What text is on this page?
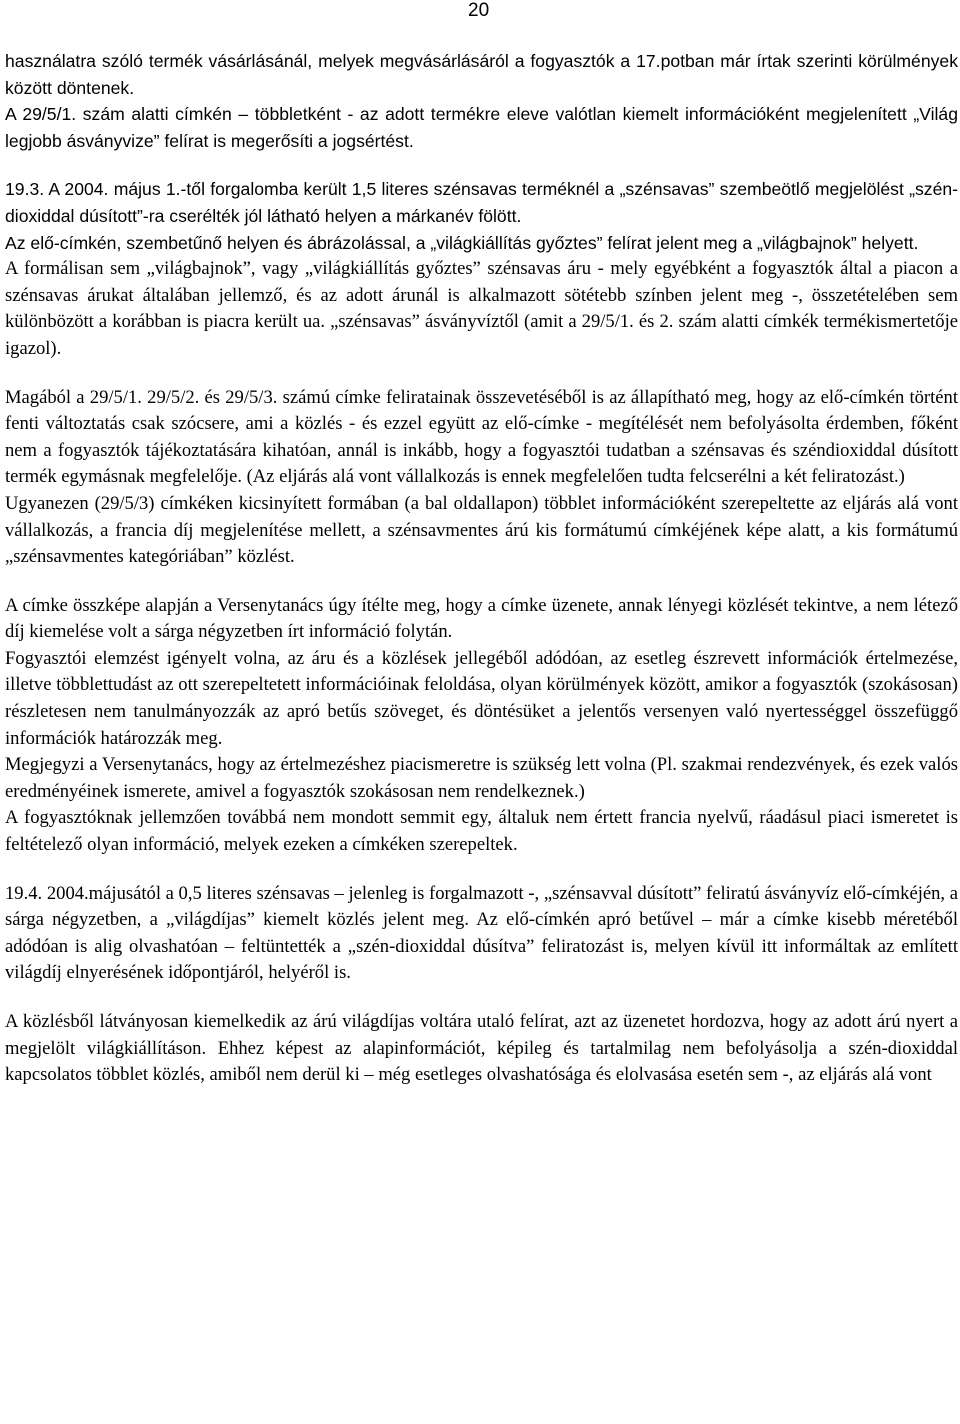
20

használatra szóló termék vásárlásánál, melyek megvásárlásáról a fogyasztók a 17.potban már írtak szerinti körülmények között döntenek.

A 29/5/1. szám alatti címkén – többletként - az adott termékre eleve valótlan kiemelt információként megjelenített „Világ legjobb ásványvize” felírat is megerősíti a jogsértést.

19.3. A 2004. május 1.-től forgalomba került 1,5 literes szénsavas terméknél a „szénsavas” szembeötlő megjelölést „szén-dioxiddal dúsított”-ra cserélték jól látható helyen a márkanév fölött.

Az elő-címkén, szembetűnő helyen és ábrázolással, a „világkiállítás győztes” felírat jelent meg a „világbajnok” helyett.

A formálisan sem „világbajnok”, vagy „világkiállítás győztes” szénsavas áru - mely egyébként a fogyasztók által a piacon a szénsavas árukat általában jellemző, és az adott árunál is alkalmazott sötétebb színben jelent meg -, összetételében sem különbözött a korábban is piacra került ua. „szénsavas” ásványvíztől (amit a 29/5/1. és 2. szám alatti címkék termékismertetője igazol).

Magából a 29/5/1. 29/5/2. és 29/5/3. számú címke feliratainak összevetéséből is az állapítható meg, hogy az elő-címkén történt fenti változtatás csak szócsere, ami a közlés - és ezzel együtt az elő-címke - megítélését nem befolyásolta érdemben, főként nem a fogyasztók tájékoztatására kihatóan, annál is inkább, hogy a fogyasztói tudatban a szénsavas és széndioxiddal dúsított termék egymásnak megfelelője. (Az eljárás alá vont vállalkozás is ennek megfelelően tudta felcserélni a két feliratozást.)

Ugyanezen (29/5/3) címkéken kicsinyített formában (a bal oldallapon) többlet információként szerepeltette az eljárás alá vont vállalkozás, a francia díj megjelenítése mellett, a szénsavmentes árú kis formátumú címkéjének képe alatt, a kis formátumú „szénsavmentes kategóriában” közlést.

A címke összképe alapján a Versenytanács úgy ítélte meg, hogy a címke üzenete, annak lényegi közlését tekintve, a nem létező díj kiemelése volt a sárga négyzetben írt információ folytán.

Fogyasztói elemzést igényelt volna, az áru és a közlések jellegéből adódóan, az esetleg észrevett információk értelmezése, illetve többlettudást az ott szerepeltetett információinak feloldása, olyan körülmények között, amikor a fogyasztók (szokásosan) részletesen nem tanulmányozzák az apró betűs szöveget, és döntésüket a jelentős versenyen való nyertességgel összefüggő információk határozzák meg.

Megjegyzi a Versenytanács, hogy az értelmezéshez piacismeretre is szükség lett volna (Pl. szakmai rendezvények, és ezek valós eredményéinek ismerete, amivel a fogyasztók szokásosan nem rendelkeznek.)

A fogyasztóknak jellemzően továbbá nem mondott semmit egy, általuk nem értett francia nyelvű, ráadásul piaci ismeretet is feltételező olyan információ, melyek ezeken a címkéken szerepeltek.

19.4. 2004.májusától a 0,5 literes szénsavas – jelenleg is forgalmazott -, „szénsavval dúsított” feliratú ásványvíz elő-címkéjén, a sárga négyzetben, a „világdíjas” kiemelt közlés jelent meg. Az elő-címkén apró betűvel – már a címke kisebb méretéből adódóan is alig olvashatóan – feltüntették a „szén-dioxiddal dúsítva” feliratozást is, melyen kívül itt informáltak az említett világdíj elnyerésének időpontjáról, helyéről is.

A közlésből látványosan kiemelkedik az árú világdíjas voltára utaló felírat, azt az üzenetet hordozva, hogy az adott árú nyert a megjelölt világkiállításon. Ehhez képest az alapinformációt, képileg és tartalmilag nem befolyásolja a szén-dioxiddal kapcsolatos többlet közlés, amiből nem derül ki – még esetleges olvashatósága és elolvasása esetén sem -, az eljárás alá vont
